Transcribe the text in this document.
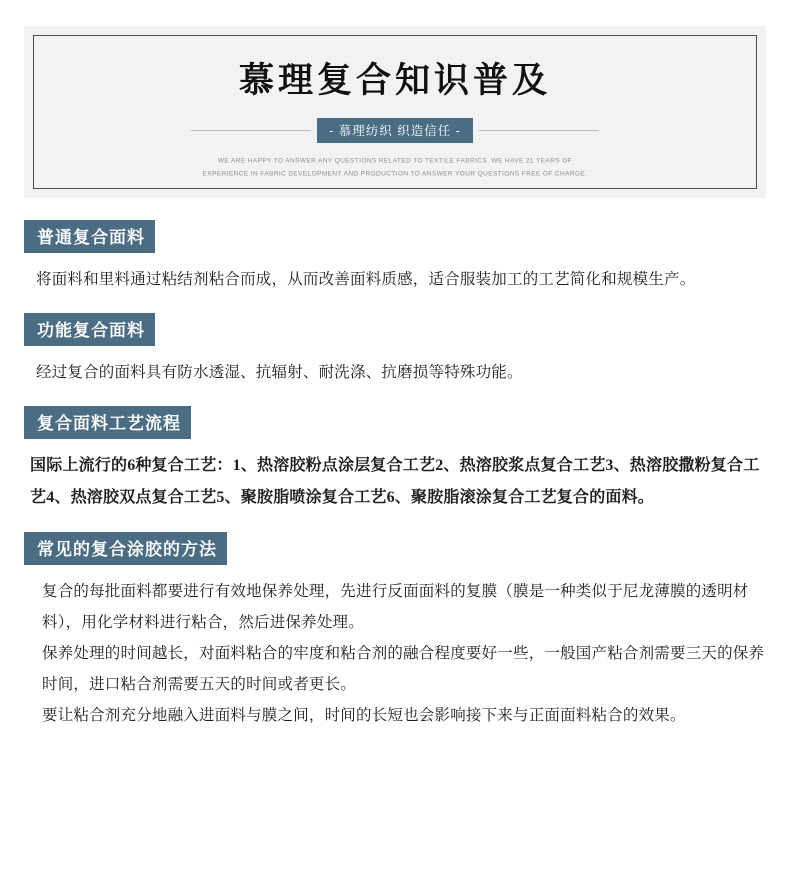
慕理复合知识普及
- 慕理纺织 织造信任 -
WE ARE HAPPY TO ANSWER ANY QUESTIONS RELATED TO TEXTILE FABRICS. WE HAVE 21 YEARS OF
EXPERIENCE IN FABRIC DEVELOPMENT AND PRODUCTION TO ANSWER YOUR QUESTIONS FREE OF CHARGE.
普通复合面料

将面料和里料通过粘结剂粘合而成，从而改善面料质感，适合服装加工的工艺简化和规模生产。

功能复合面料

经过复合的面料具有防水透湿、抗辐射、耐洗涤、抗磨损等特殊功能。

复合面料工艺流程

国际上流行的6种复合工艺：1、热溶胶粉点涂层复合工艺2、热溶胶浆点复合工艺3、热溶胶撒粉复合工艺4、热溶胶双点复合工艺5、聚胺脂喷涂复合工艺6、聚胺脂滚涂复合工艺复合的面料。

常见的复合涂胶的方法

复合的每批面料都要进行有效地保养处理，先进行反面面料的复膜（膜是一种类似于尼龙薄膜的透明材料），用化学材料进行粘合，然后进保养处理。

保养处理的时间越长，对面料粘合的牢度和粘合剂的融合程度要好一些，一般国产粘合剂需要三天的保养时间，进口粘合剂需要五天的时间或者更长。

要让粘合剂充分地融入进面料与膜之间，时间的长短也会影响接下来与正面面料粘合的效果。
